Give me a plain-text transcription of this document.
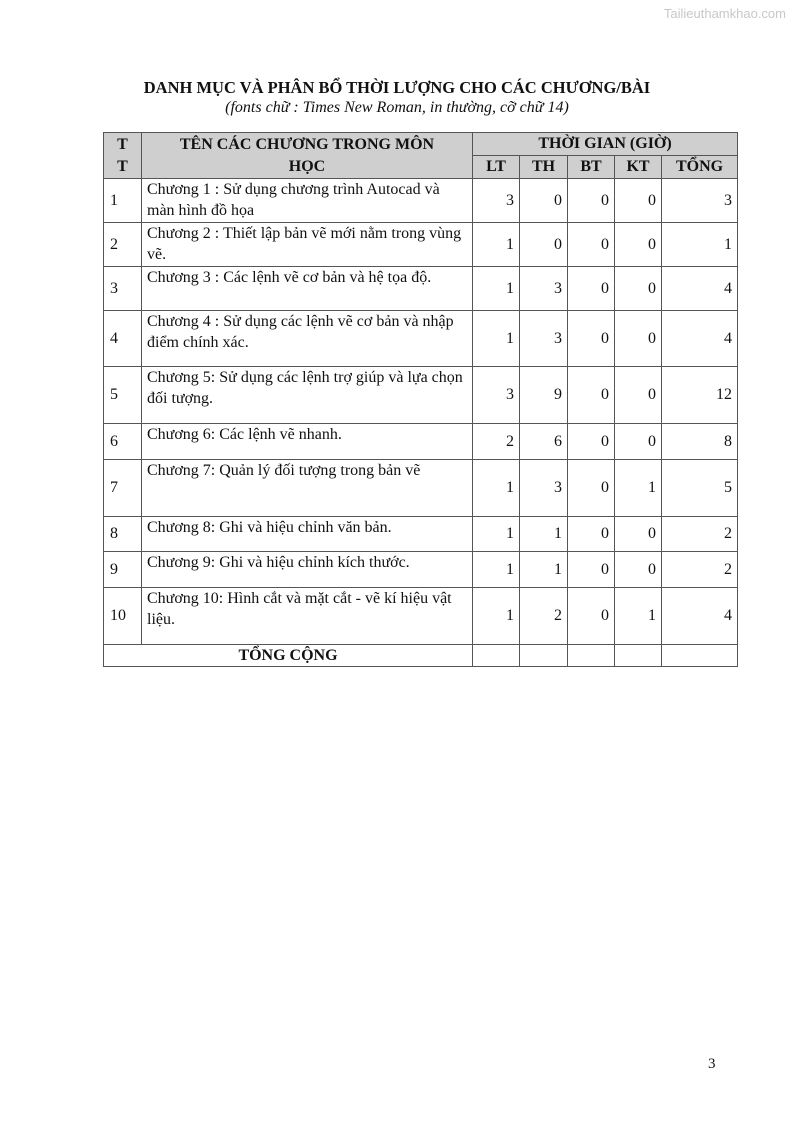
Tailieuthamkhao.com
DANH MỤC VÀ PHÂN BỔ THỜI LƯỢNG CHO CÁC CHƯƠNG/BÀI
(fonts chữ : Times New Roman, in thường, cỡ chữ 14)
T
T	TÊN CÁC CHƯƠNG TRONG MÔN HỌC	THỜI GIAN (GIỜ)				
		LT	TH	BT	KT	TỔNG
1	Chương 1 : Sử dụng chương trình Autocad và màn hình đồ họa	3	0	0	0	3
2	Chương 2 : Thiết lập bản vẽ mới nằm trong vùng vẽ.	1	0	0	0	1
3	Chương 3 : Các lệnh vẽ cơ bản và hệ tọa độ.	1	3	0	0	4
4	Chương 4 : Sử dụng các lệnh vẽ cơ bản và nhập điểm chính xác.	1	3	0	0	4
5	Chương 5: Sử dụng các lệnh trợ giúp và lựa chọn đối tượng.	3	9	0	0	12
6	Chương 6: Các lệnh vẽ nhanh.	2	6	0	0	8
7	Chương 7: Quản lý đối tượng trong bản vẽ	1	3	0	1	5
8	Chương 8: Ghi và hiệu chỉnh văn bản.	1	1	0	0	2
9	Chương 9: Ghi và hiệu chỉnh kích thước.	1	1	0	0	2
10	Chương 10: Hình cắt và mặt cắt - vẽ kí hiệu vật liệu.	1	2	0	1	4
TỔNG CỘNG						
3
